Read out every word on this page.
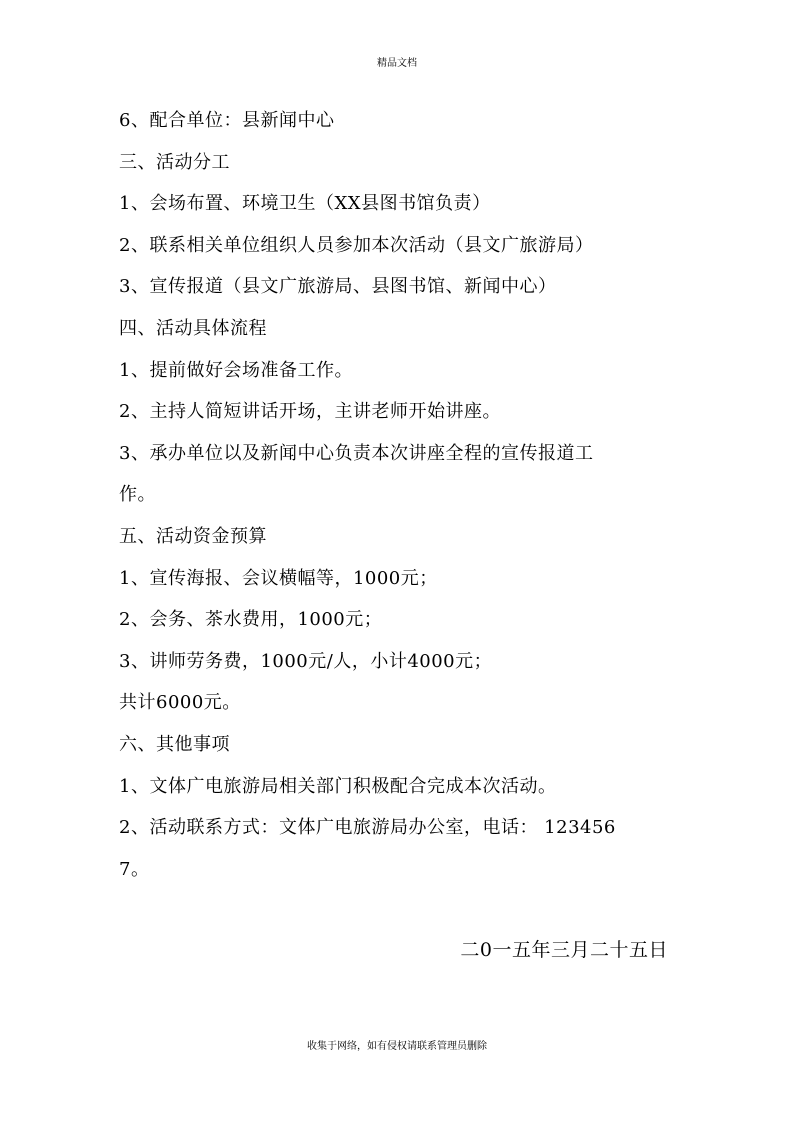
精品文档
6、配合单位：县新闻中心
三、活动分工
1、会场布置、环境卫生（XX县图书馆负责）
2、联系相关单位组织人员参加本次活动（县文广旅游局）
3、宣传报道（县文广旅游局、县图书馆、新闻中心）
四、活动具体流程
1、提前做好会场准备工作。
2、主持人简短讲话开场，主讲老师开始讲座。
3、承办单位以及新闻中心负责本次讲座全程的宣传报道工
作。
五、活动资金预算
1、宣传海报、会议横幅等，1000元；
2、会务、茶水费用，1000元；
3、讲师劳务费，1000元/人，小计4000元；
共计6000元。
六、其他事项
1、文体广电旅游局相关部门积极配合完成本次活动。
2、活动联系方式：文体广电旅游局办公室，电话： 123456
7。
二0一五年三月二十五日
收集于网络，如有侵权请联系管理员删除
